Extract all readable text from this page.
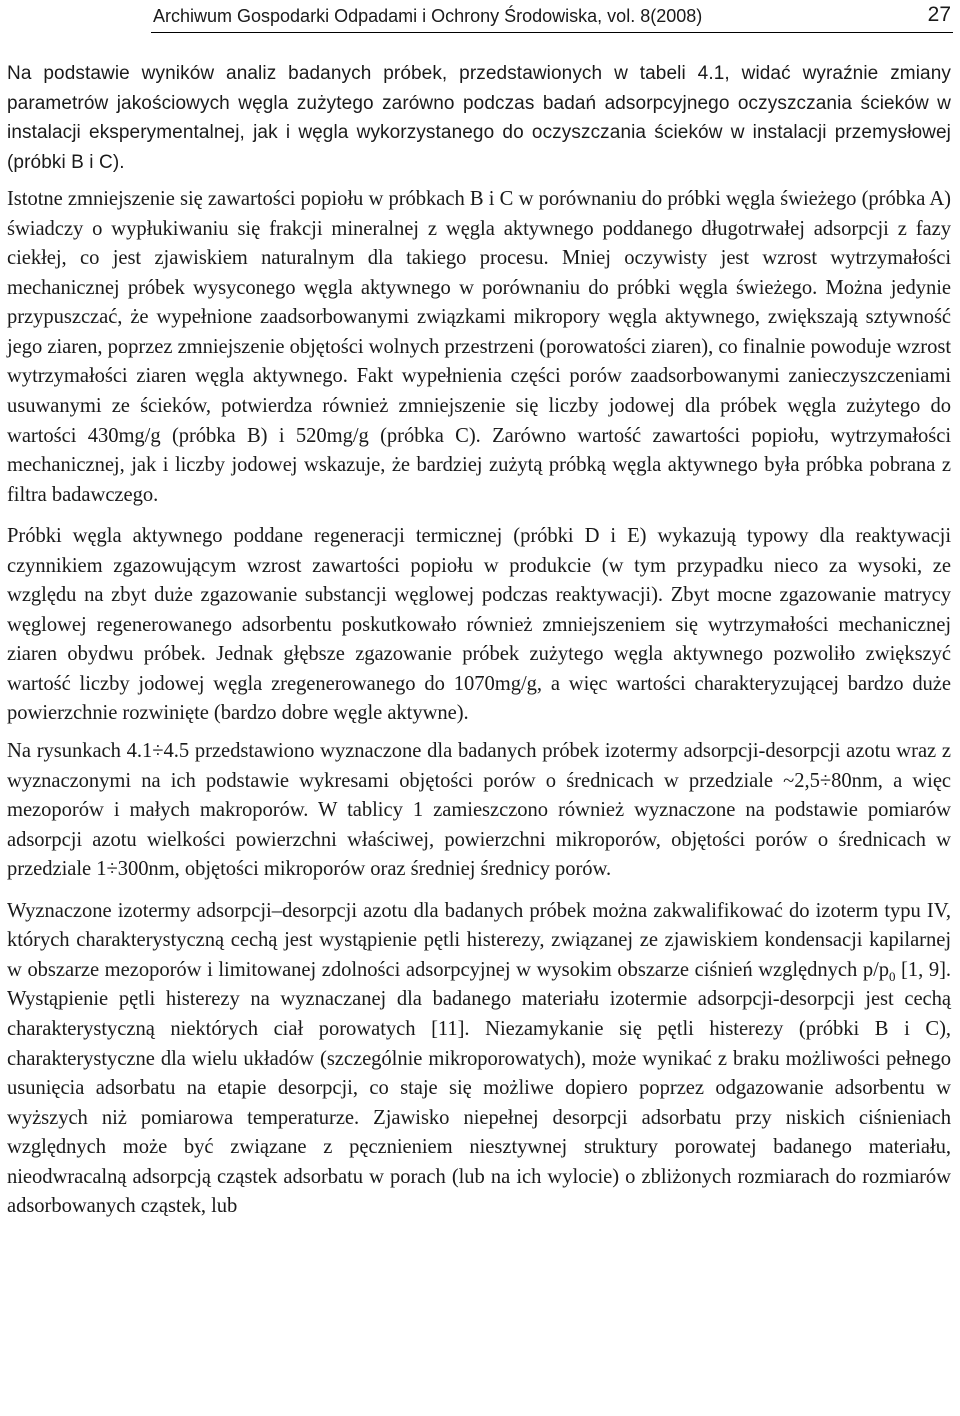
Archiwum Gospodarki Odpadami i Ochrony Środowiska, vol. 8(2008)	27

Na podstawie wyników analiz badanych próbek, przedstawionych w tabeli 4.1, widać wyraźnie zmiany parametrów jakościowych węgla zużytego zarówno podczas badań adsorpcyjnego oczyszczania ścieków w instalacji eksperymentalnej, jak i węgla wykorzystanego do oczyszczania ścieków w instalacji przemysłowej (próbki B i C).

Istotne zmniejszenie się zawartości popiołu w próbkach B i C w porównaniu do próbki węgla świeżego (próbka A) świadczy o wypłukiwaniu się frakcji mineralnej z węgla aktywnego poddanego długotrwałej adsorpcji z fazy ciekłej, co jest zjawiskiem naturalnym dla takiego procesu. Mniej oczywisty jest wzrost wytrzymałości mechanicznej próbek wysyconego węgla aktywnego w porównaniu do próbki węgla świeżego. Można jedynie przypuszczać, że wypełnione zaadsorbowanymi związkami mikropory węgla aktywnego, zwiększają sztywność jego ziaren, poprzez zmniejszenie objętości wolnych przestrzeni (porowatości ziaren), co finalnie powoduje wzrost wytrzymałości ziaren węgla aktywnego. Fakt wypełnienia części porów zaadsorbowanymi zanieczyszczeniami usuwanymi ze ścieków, potwierdza również zmniejszenie się liczby jodowej dla próbek węgla zużytego do wartości 430mg/g (próbka B) i 520mg/g (próbka C). Zarówno wartość zawartości popiołu, wytrzymałości mechanicznej, jak i liczby jodowej wskazuje, że bardziej zużytą próbką węgla aktywnego była próbka pobrana z filtra badawczego.

Próbki węgla aktywnego poddane regeneracji termicznej (próbki D i E) wykazują typowy dla reaktywacji czynnikiem zgazowującym wzrost zawartości popiołu w produkcie (w tym przypadku nieco za wysoki, ze względu na zbyt duże zgazowanie substancji węglowej podczas reaktywacji). Zbyt mocne zgazowanie matrycy węglowej regenerowanego adsorbentu poskutkowało również zmniejszeniem się wytrzymałości mechanicznej ziaren obydwu próbek. Jednak głębsze zgazowanie próbek zużytego węgla aktywnego pozwoliło zwiększyć wartość liczby jodowej węgla zregenerowanego do 1070mg/g, a więc wartości charakteryzującej bardzo duże powierzchnie rozwinięte (bardzo dobre węgle aktywne).

Na rysunkach 4.1÷4.5 przedstawiono wyznaczone dla badanych próbek izotermy adsorpcji-desorpcji azotu wraz z wyznaczonymi na ich podstawie wykresami objętości porów o średnicach w przedziale ~2,5÷80nm, a więc mezoporów i małych makroporów. W tablicy 1 zamieszczono również wyznaczone na podstawie pomiarów adsorpcji azotu wielkości powierzchni właściwej, powierzchni mikroporów, objętości porów o średnicach w przedziale 1÷300nm, objętości mikroporów oraz średniej średnicy porów.

Wyznaczone izotermy adsorpcji–desorpcji azotu dla badanych próbek można zakwalifikować do izoterm typu IV, których charakterystyczną cechą jest wystąpienie pętli histerezy, związanej ze zjawiskiem kondensacji kapilarnej w obszarze mezoporów i limitowanej zdolności adsorpcyjnej w wysokim obszarze ciśnień względnych $p/p_0$ [1, 9]. Wystąpienie pętli histerezy na wyznaczanej dla badanego materiału izotermie adsorpcji-desorpcji jest cechą charakterystyczną niektórych ciał porowatych [11]. Niezamykanie się pętli histerezy (próbki B i C), charakterystyczne dla wielu układów (szczególnie mikroporowatych), może wynikać z braku możliwości pełnego usunięcia adsorbatu na etapie desorpcji, co staje się możliwe dopiero poprzez odgazowanie adsorbentu w wyższych niż pomiarowa temperaturze. Zjawisko niepełnej desorpcji adsorbatu przy niskich ciśnieniach względnych może być związane z pęcznieniem niesztywnej struktury porowatej badanego materiału, nieodwracalną adsorpcją cząstek adsorbatu w porach (lub na ich wylocie) o zbliżonych rozmiarach do rozmiarów adsorbowanych cząstek, lub
